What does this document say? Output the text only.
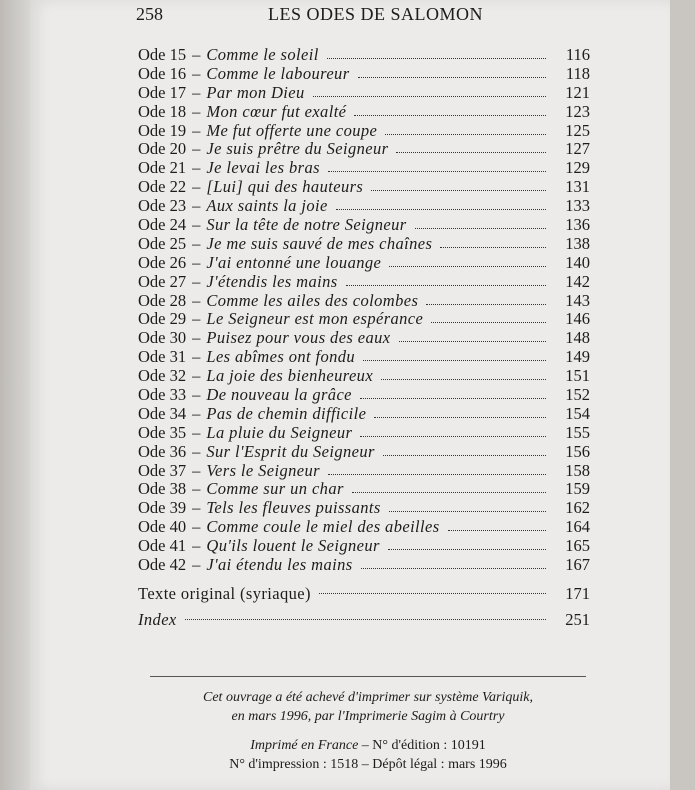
258	LES ODES DE SALOMON
Ode 15 – Comme le soleil	116
Ode 16 – Comme le laboureur	118
Ode 17 – Par mon Dieu	121
Ode 18 – Mon cœur fut exalté	123
Ode 19 – Me fut offerte une coupe	125
Ode 20 – Je suis prêtre du Seigneur	127
Ode 21 – Je levai les bras	129
Ode 22 – [Lui] qui des hauteurs	131
Ode 23 – Aux saints la joie	133
Ode 24 – Sur la tête de notre Seigneur	136
Ode 25 – Je me suis sauvé de mes chaînes	138
Ode 26 – J'ai entonné une louange	140
Ode 27 – J'étendis les mains	142
Ode 28 – Comme les ailes des colombes	143
Ode 29 – Le Seigneur est mon espérance	146
Ode 30 – Puisez pour vous des eaux	148
Ode 31 – Les abîmes ont fondu	149
Ode 32 – La joie des bienheureux	151
Ode 33 – De nouveau la grâce	152
Ode 34 – Pas de chemin difficile	154
Ode 35 – La pluie du Seigneur	155
Ode 36 – Sur l'Esprit du Seigneur	156
Ode 37 – Vers le Seigneur	158
Ode 38 – Comme sur un char	159
Ode 39 – Tels les fleuves puissants	162
Ode 40 – Comme coule le miel des abeilles	164
Ode 41 – Qu'ils louent le Seigneur	165
Ode 42 – J'ai étendu les mains	167
Texte original (syriaque)	171
Index	251

Cet ouvrage a été achevé d'imprimer sur système Variquik,

en mars 1996, par l'Imprimerie Sagim à Courtry

Imprimé en France – N° d'édition : 10191

N° d'impression : 1518 – Dépôt légal : mars 1996
